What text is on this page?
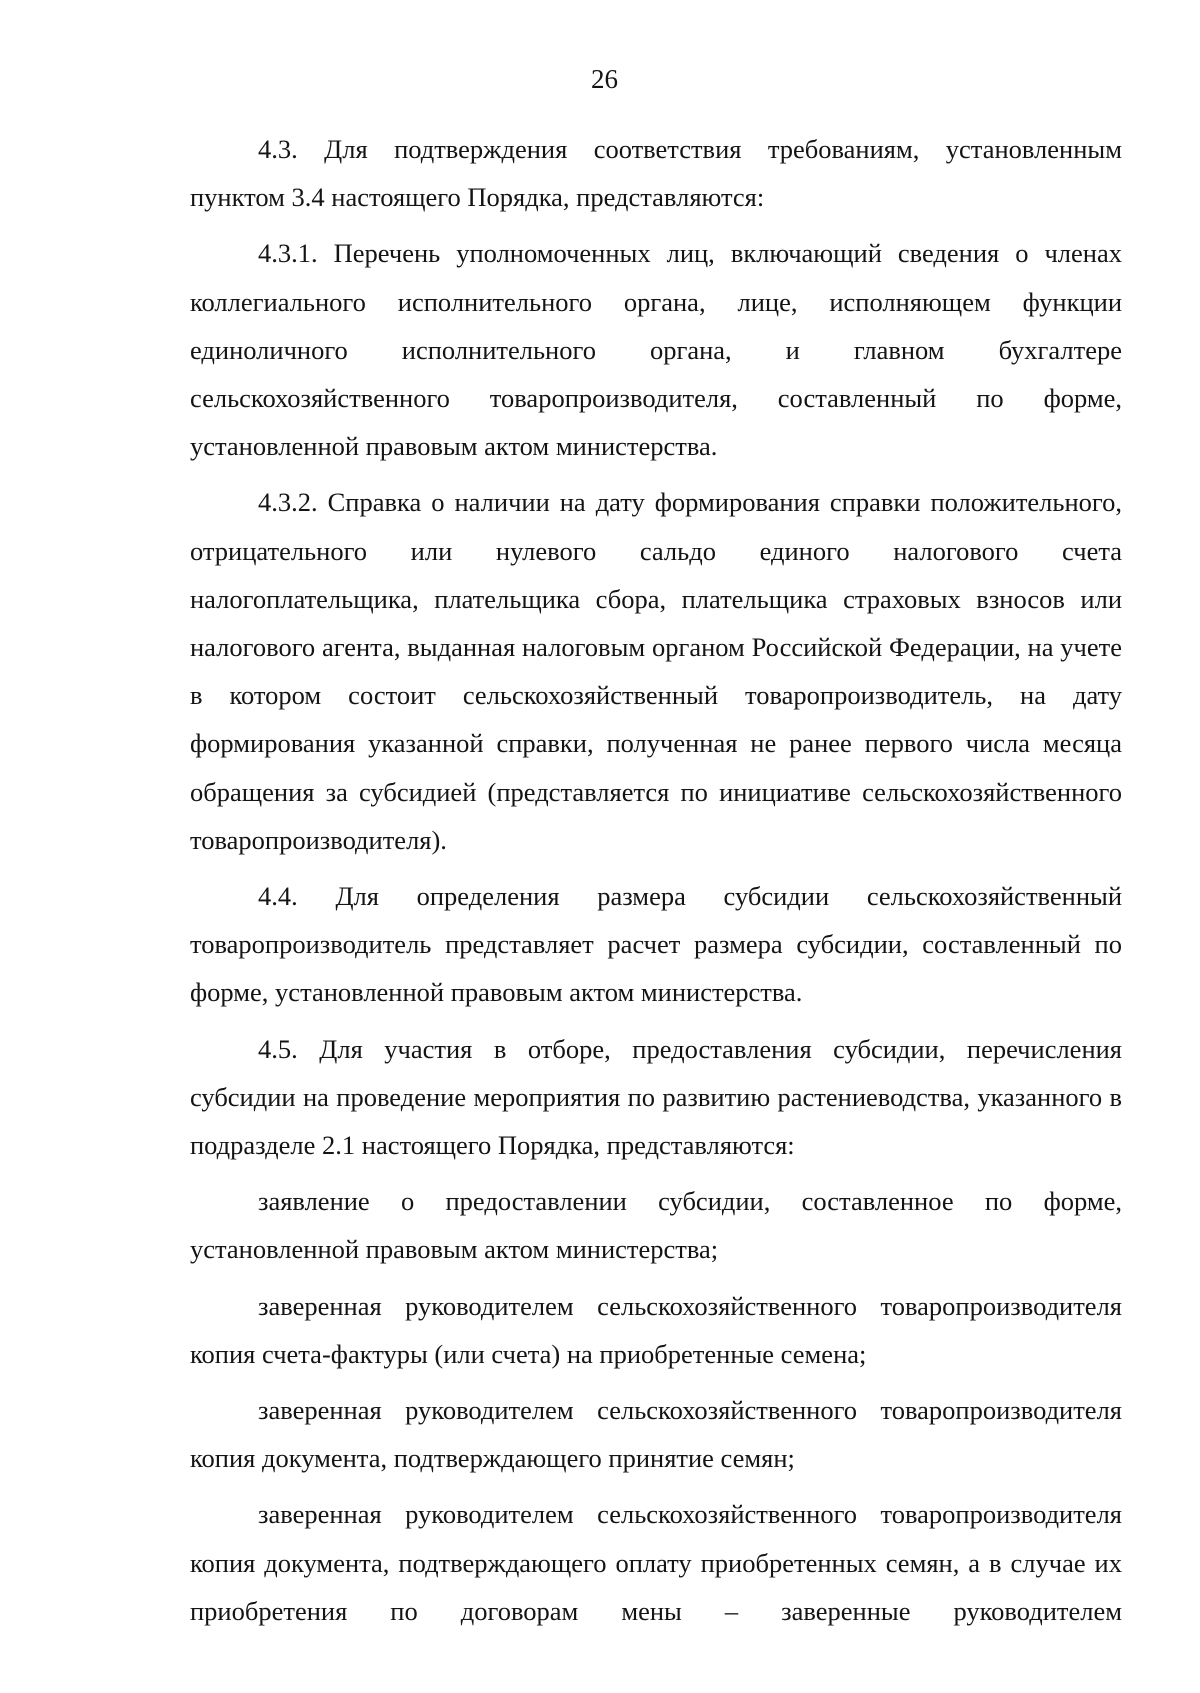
26

4.3. Для подтверждения соответствия требованиям, установленным пунктом 3.4 настоящего Порядка, представляются:

4.3.1. Перечень уполномоченных лиц, включающий сведения о членах коллегиального исполнительного органа, лице, исполняющем функции единоличного исполнительного органа, и главном бухгалтере сельскохозяйственного товаропроизводителя, составленный по форме, установленной правовым актом министерства.

4.3.2. Справка о наличии на дату формирования справки положительного, отрицательного или нулевого сальдо единого налогового счета налогоплательщика, плательщика сбора, плательщика страховых взносов или налогового агента, выданная налоговым органом Российской Федерации, на учете в котором состоит сельскохозяйственный товаропроизводитель, на дату формирования указанной справки, полученная не ранее первого числа месяца обращения за субсидией (представляется по инициативе сельскохозяйственного товаропроизводителя).

4.4. Для определения размера субсидии сельскохозяйственный товаропроизводитель представляет расчет размера субсидии, составленный по форме, установленной правовым актом министерства.

4.5. Для участия в отборе, предоставления субсидии, перечисления субсидии на проведение мероприятия по развитию растениеводства, указанного в подразделе 2.1 настоящего Порядка, представляются:

заявление о предоставлении субсидии, составленное по форме, установленной правовым актом министерства;

заверенная руководителем сельскохозяйственного товаропроизводителя копия счета-фактуры (или счета) на приобретенные семена;

заверенная руководителем сельскохозяйственного товаропроизводителя копия документа, подтверждающего принятие семян;

заверенная руководителем сельскохозяйственного товаропроизводителя копия документа, подтверждающего оплату приобретенных семян, а в случае их приобретения по договорам мены – заверенные руководителем
